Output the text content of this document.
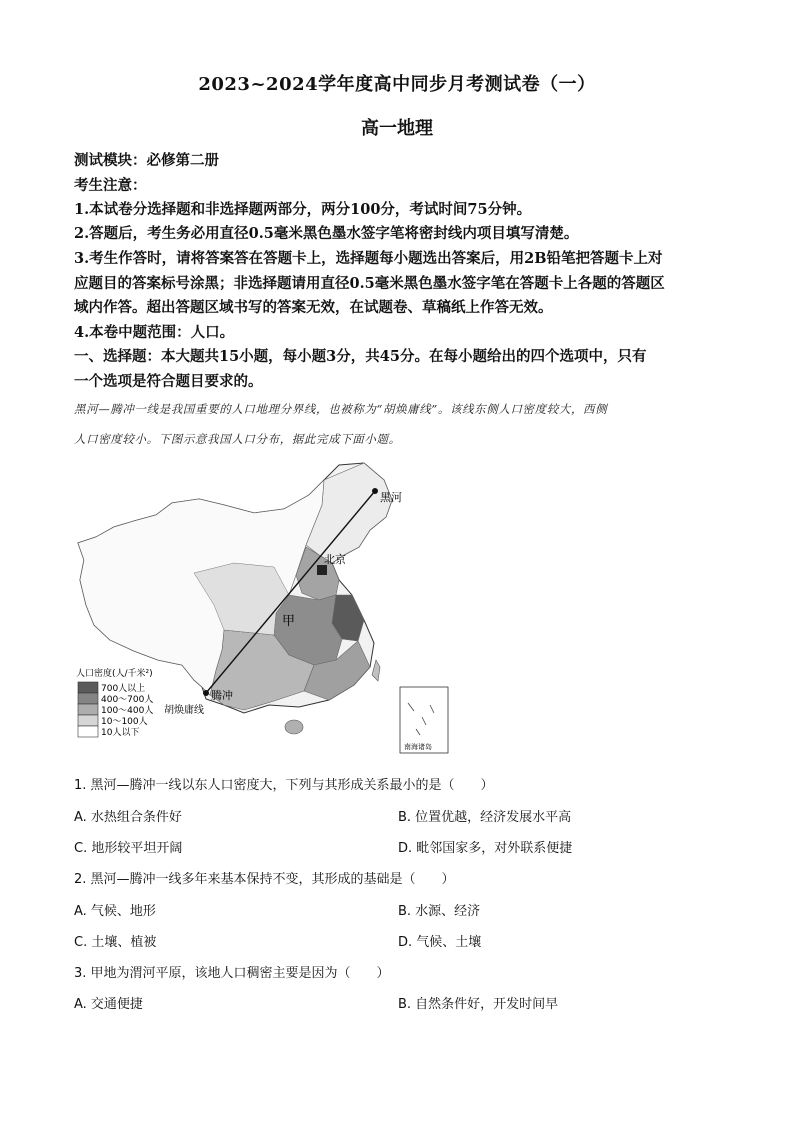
2023~2024学年度高中同步月考测试卷（一）
高一地理
测试模块：必修第二册
考生注意：
1.本试卷分选择题和非选择题两部分，两分100分，考试时间75分钟。
2.答题后，考生务必用直径0.5毫米黑色墨水签字笔将密封线内项目填写清楚。
3.考生作答时，请将答案答在答题卡上，选择题每小题选出答案后，用2B铅笔把答题卡上对
应题目的答案标号涂黑；非选择题请用直径0.5毫米黑色墨水签字笔在答题卡上各题的答题区
域内作答。超出答题区域书写的答案无效，在试题卷、草稿纸上作答无效。
4.本卷中题范围：人口。
一、选择题：本大题共15小题，每小题3分，共45分。在每小题给出的四个选项中，只有
一个选项是符合题目要求的。
黑河—腾冲一线是我国重要的人口地理分界线，也被称为“胡焕庸线”。该线东侧人口密度较大，西侧
人口密度较小。下图示意我国人口分布，据此完成下面小题。
黑河
北京
腾冲
甲
胡焕庸线
南海诸岛
人口密度(人/千米²)
700人以上
400～700人
100～400人
10～100人
10人以下
1. 黑河—腾冲一线以东人口密度大，下列与其形成关系最小的是（　　）
A. 水热组合条件好	B. 位置优越，经济发展水平高
C. 地形较平坦开阔	D. 毗邻国家多，对外联系便捷
2. 黑河—腾冲一线多年来基本保持不变，其形成的基础是（　　）
A. 气候、地形	B. 水源、经济
C. 土壤、植被	D. 气候、土壤
3. 甲地为渭河平原，该地人口稠密主要是因为（　　）
A. 交通便捷	B. 自然条件好，开发时间早
